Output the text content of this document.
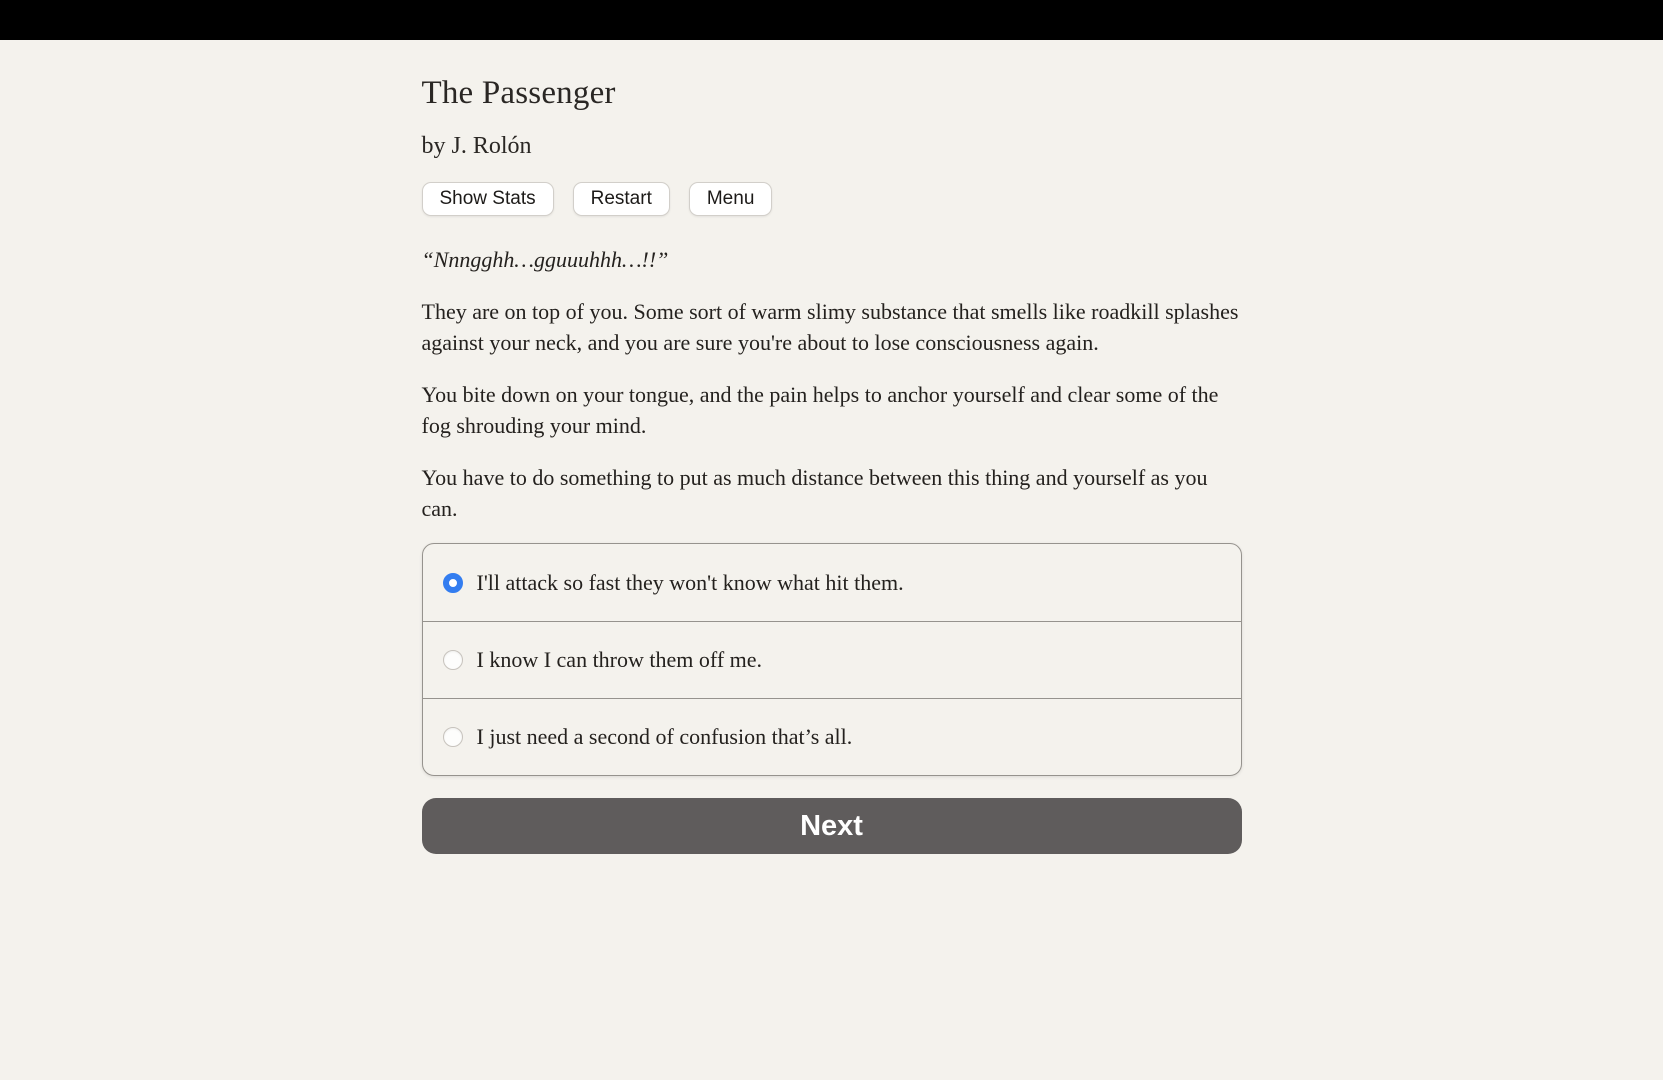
The Passenger
by J. Rolón
Show Stats	Restart	Menu

“Nnngghh…gguuuhhh…!!”

They are on top of you. Some sort of warm slimy substance that smells like roadkill splashes against your neck, and you are sure you're about to lose consciousness again.

You bite down on your tongue, and the pain helps to anchor yourself and clear some of the fog shrouding your mind.

You have to do something to put as much distance between this thing and yourself as you can.

I'll attack so fast they won't know what hit them.
I know I can throw them off me.
I just need a second of confusion that’s all.
Next
